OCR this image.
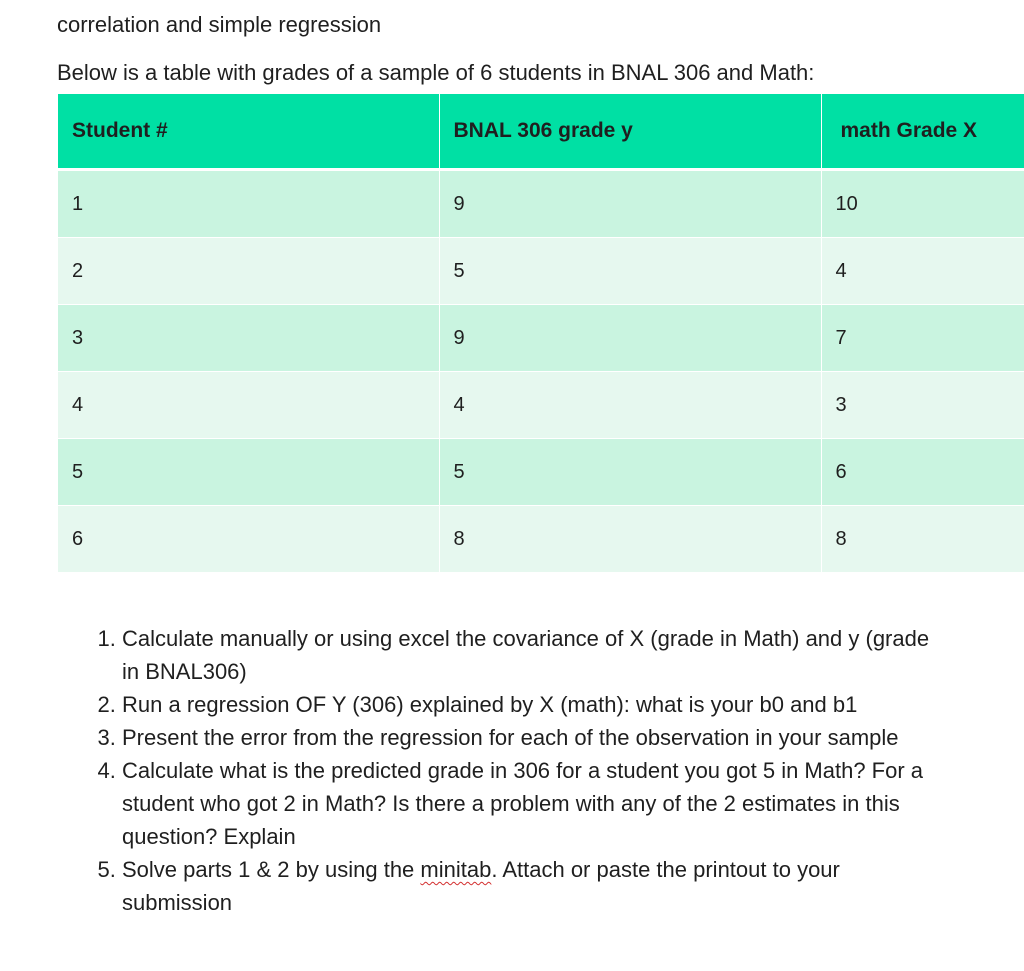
correlation and simple regression
Below is a table with grades of a sample of 6 students in BNAL 306 and Math:
Student #	BNAL 306 grade y	math Grade X
1	9	10
2	5	4
3	9	7
4	4	3
5	5	6
6	8	8
1. Calculate manually or using excel the covariance of X (grade in Math) and y (grade in BNAL306)
2. Run a regression OF Y (306) explained by X (math): what is your b0 and b1
3. Present the error from the regression for each of the observation in your sample
4. Calculate what is the predicted grade in 306 for a student you got 5 in Math? For a student who got 2 in Math? Is there a problem with any of the 2 estimates in this question? Explain
5. Solve parts 1 & 2 by using the minitab. Attach or paste the printout to your submission
